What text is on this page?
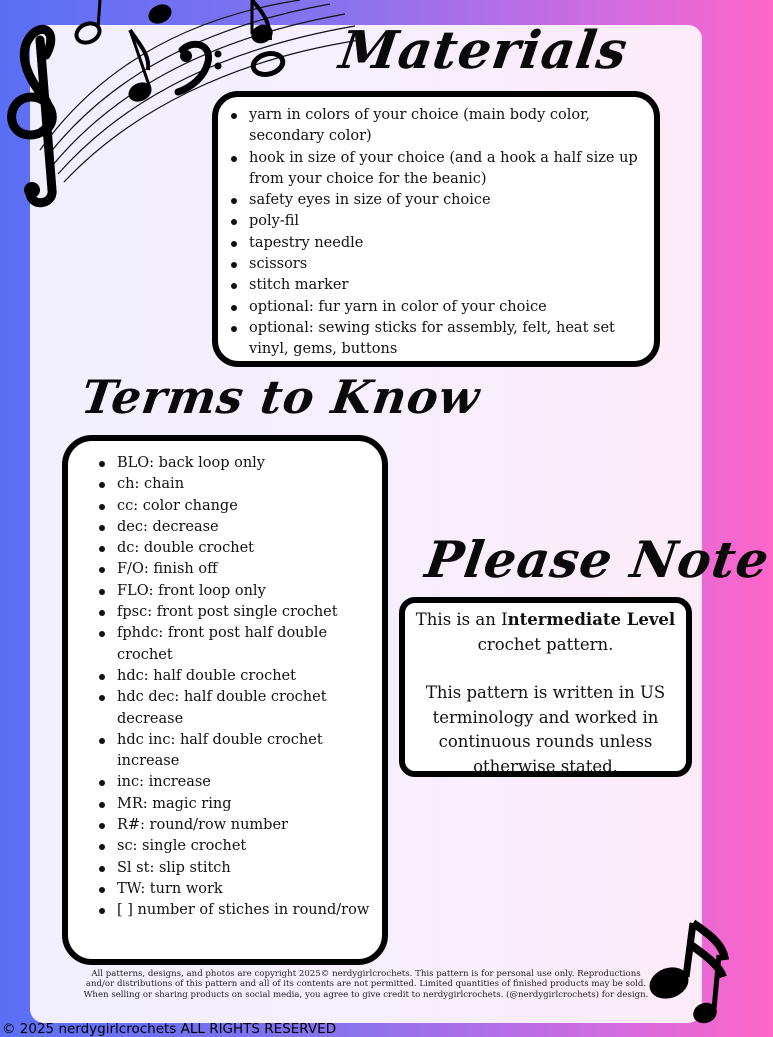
Materials
yarn in colors of your choice (main body color, secondary color)
hook in size of your choice (and a hook a half size up from your choice for the beanic)
safety eyes in size of your choice
poly-fil
tapestry needle
scissors
stitch marker
optional: fur yarn in color of your choice
optional: sewing sticks for assembly, felt, heat set vinyl, gems, buttons
Terms to Know
BLO: back loop only
ch: chain
cc: color change
dec: decrease
dc: double crochet
F/O: finish off
FLO: front loop only
fpsc: front post single crochet
fphdc: front post half double crochet
hdc: half double crochet
hdc dec: half double crochet decrease
hdc inc: half double crochet increase
inc: increase
MR: magic ring
R#: round/row number
sc: single crochet
Sl st: slip stitch
TW: turn work
[ ] number of stiches in round/row
Please Note
This is an Intermediate Level crochet pattern.
This pattern is written in US terminology and worked in continuous rounds unless otherwise stated.
All patterns, designs, and photos are copyright 2025© nerdygirlcrochets. This pattern is for personal use only. Reproductions and/or distributions of this pattern and all of its contents are not permitted. Limited quantities of finished products may be sold. When selling or sharing products on social media, you agree to give credit to nerdygirlcrochets. (@nerdygirlcrochets) for design.
© 2025 nerdygirlcrochets ALL RIGHTS RESERVED
